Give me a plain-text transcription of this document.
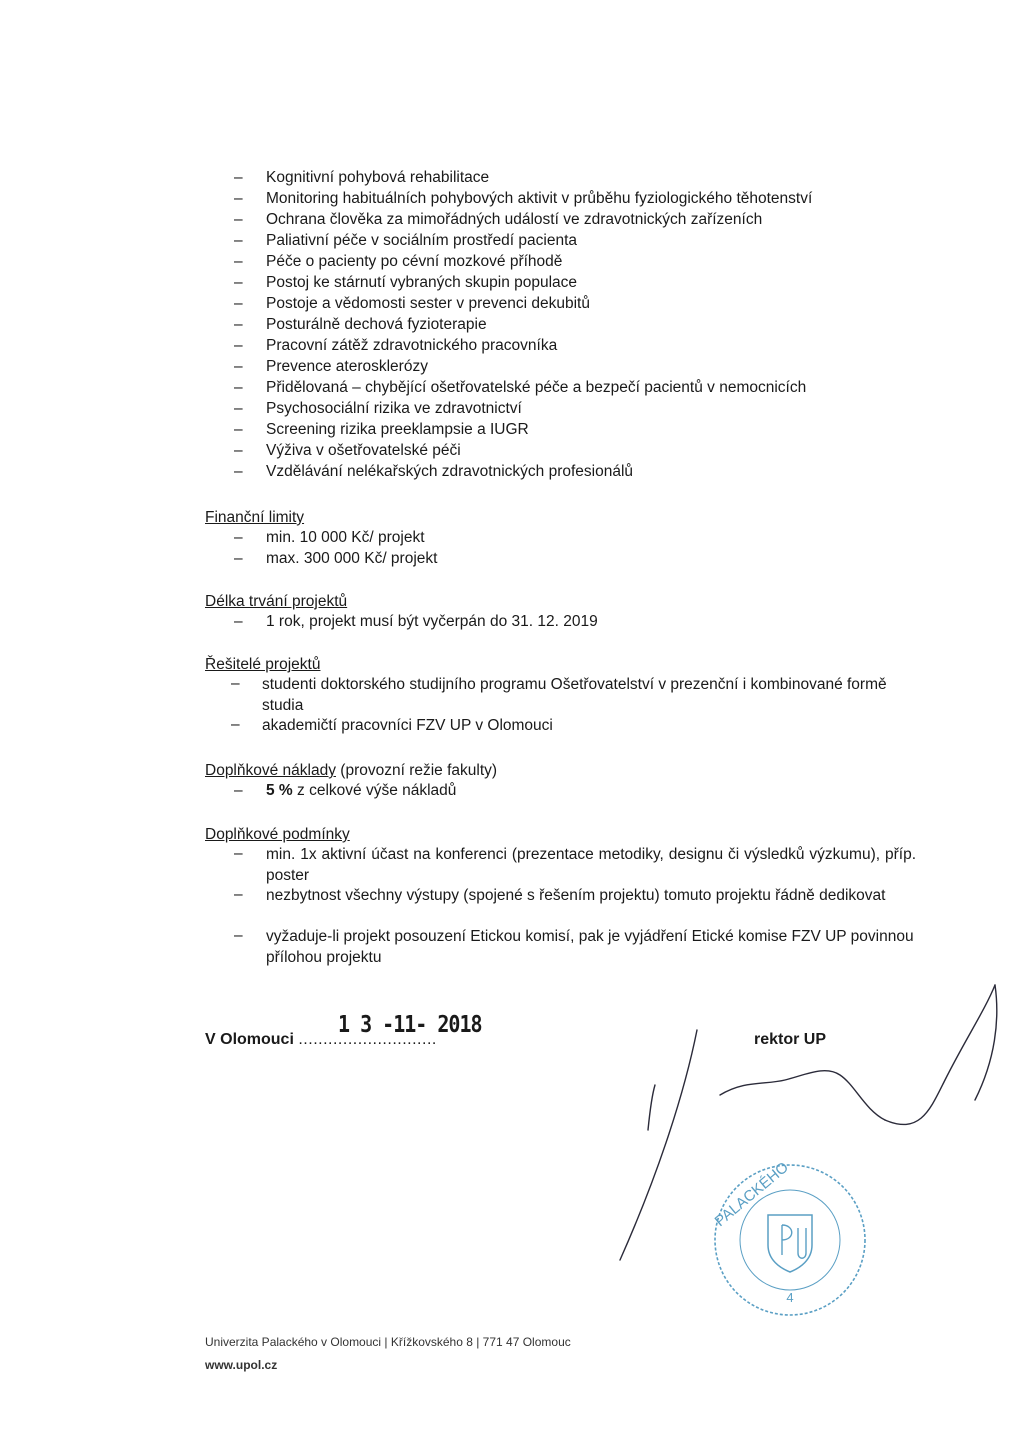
– Kognitivní pohybová rehabilitace
– Monitoring habituálních pohybových aktivit v průběhu fyziologického těhotenství
– Ochrana člověka za mimořádných událostí ve zdravotnických zařízeních
– Paliativní péče v sociálním prostředí pacienta
– Péče o pacienty po cévní mozkové příhodě
– Postoj ke stárnutí vybraných skupin populace
– Postoje a vědomosti sester v prevenci dekubitů
– Posturálně dechová fyzioterapie
– Pracovní zátěž zdravotnického pracovníka
– Prevence aterosklerózy
– Přidělovaná – chybějící ošetřovatelské péče a bezpečí pacientů v nemocnicích
– Psychosociální rizika ve zdravotnictví
– Screening rizika preeklampsie a IUGR
– Výživa v ošetřovatelské péči
– Vzdělávání nelékařských zdravotnických profesionálů
Finanční limity
– min. 10 000 Kč/ projekt
– max. 300 000 Kč/ projekt
Délka trvání projektů
– 1 rok, projekt musí být vyčerpán do 31. 12. 2019
Řešitelé projektů
– studenti doktorského studijního programu Ošetřovatelství v prezenční i kombinované formě studia
– akademičtí pracovníci FZV UP v Olomouci
Doplňkové náklady (provozní režie fakulty)
– 5 % z celkové výše nákladů
Doplňkové podmínky
– min. 1x aktivní účast na konferenci (prezentace metodiky, designu či výsledků výzkumu), příp. poster
– nezbytnost všechny výstupy (spojené s řešením projektu) tomuto projektu řádně dedikovat
– vyžaduje-li projekt posouzení Etickou komisí, pak je vyjádření Etické komise FZV UP povinnou přílohou projektu
V Olomouci ............................
1 3 -11- 2018
rektor UP
PALACKÉHO
4
Univerzita Palackého v Olomouci | Křížkovského 8 | 771 47 Olomouc
www.upol.cz
